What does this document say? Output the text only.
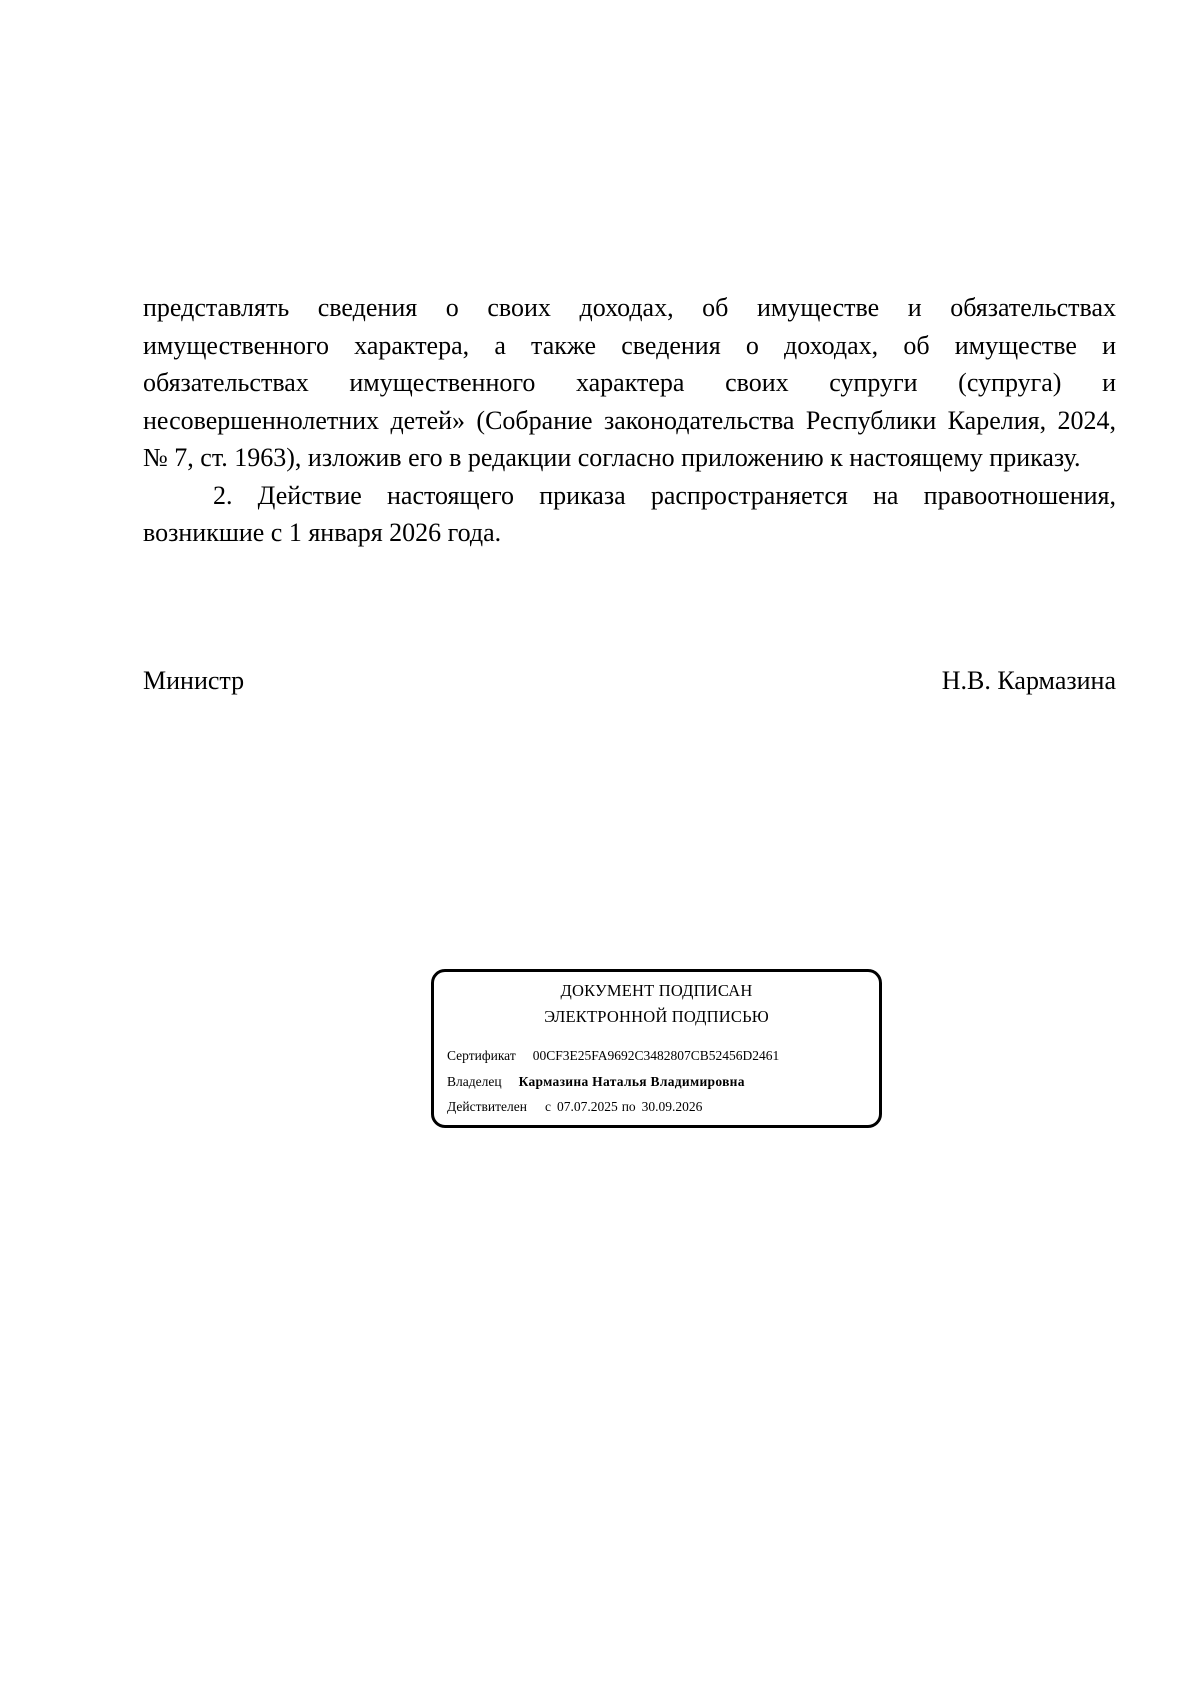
представлять сведения о своих доходах, об имуществе и обязательствах имущественного характера, а также сведения о доходах, об имуществе и обязательствах имущественного характера своих супруги (супруга) и несовершеннолетних детей» (Собрание законодательства Республики Карелия, 2024, № 7, ст. 1963), изложив его в редакции согласно приложению к настоящему приказу.

2. Действие настоящего приказа распространяется на правоотношения, возникшие с 1 января 2026 года.

Министр	Н.В. Кармазина
ДОКУМЕНТ ПОДПИСАН
ЭЛЕКТРОННОЙ ПОДПИСЬЮ
Сертификат 00CF3E25FA9692C3482807CB52456D2461
Владелец Кармазина Наталья Владимировна
Действителен с 07.07.2025 по 30.09.2026
